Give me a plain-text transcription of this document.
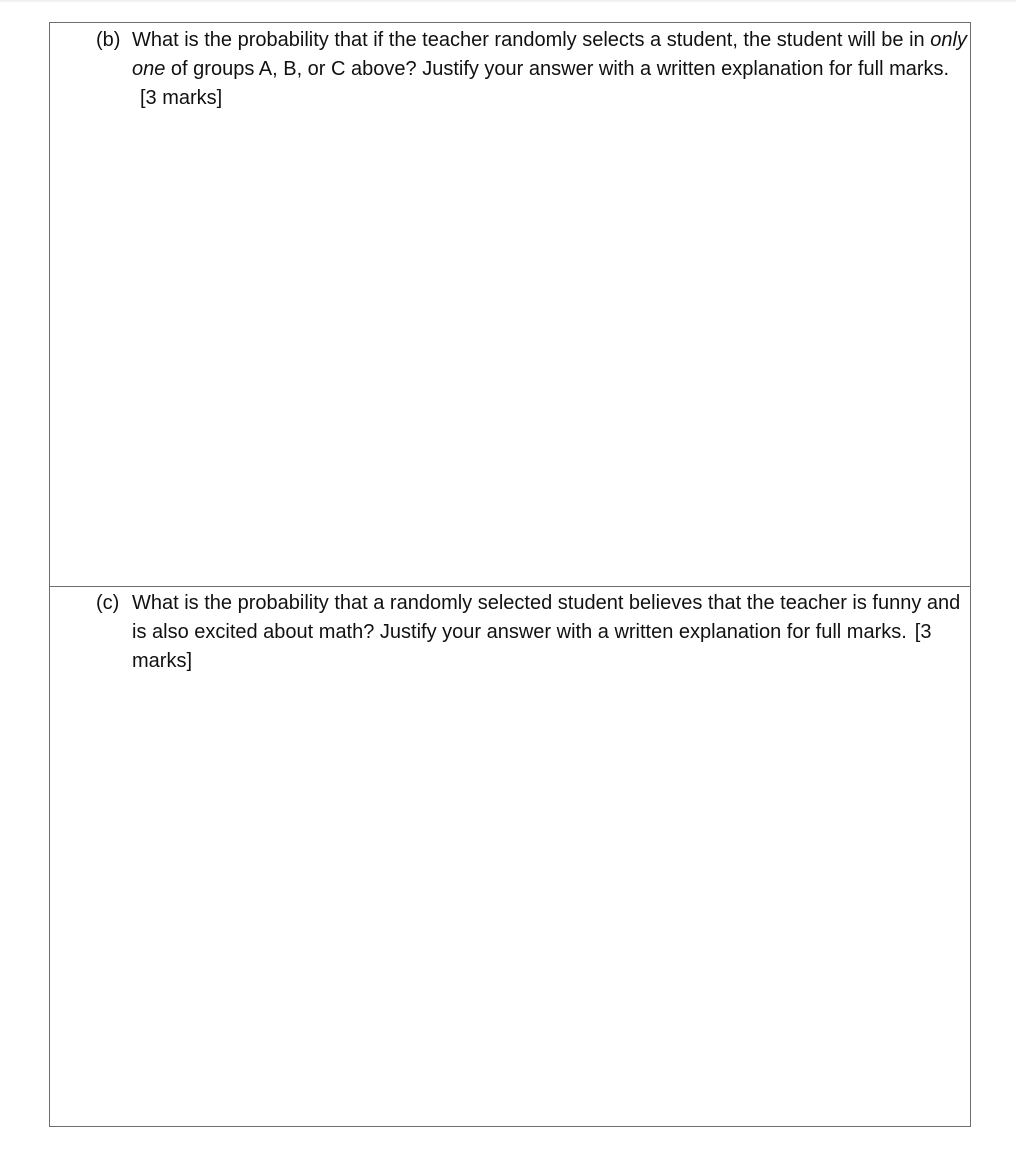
(b) What is the probability that if the teacher randomly selects a student, the student will be in only one of groups A, B, or C above? Justify your answer with a written explanation for full marks.[3 marks]
(c) What is the probability that a randomly selected student believes that the teacher is funny and is also excited about math? Justify your answer with a written explanation for full marks. [3 marks]
